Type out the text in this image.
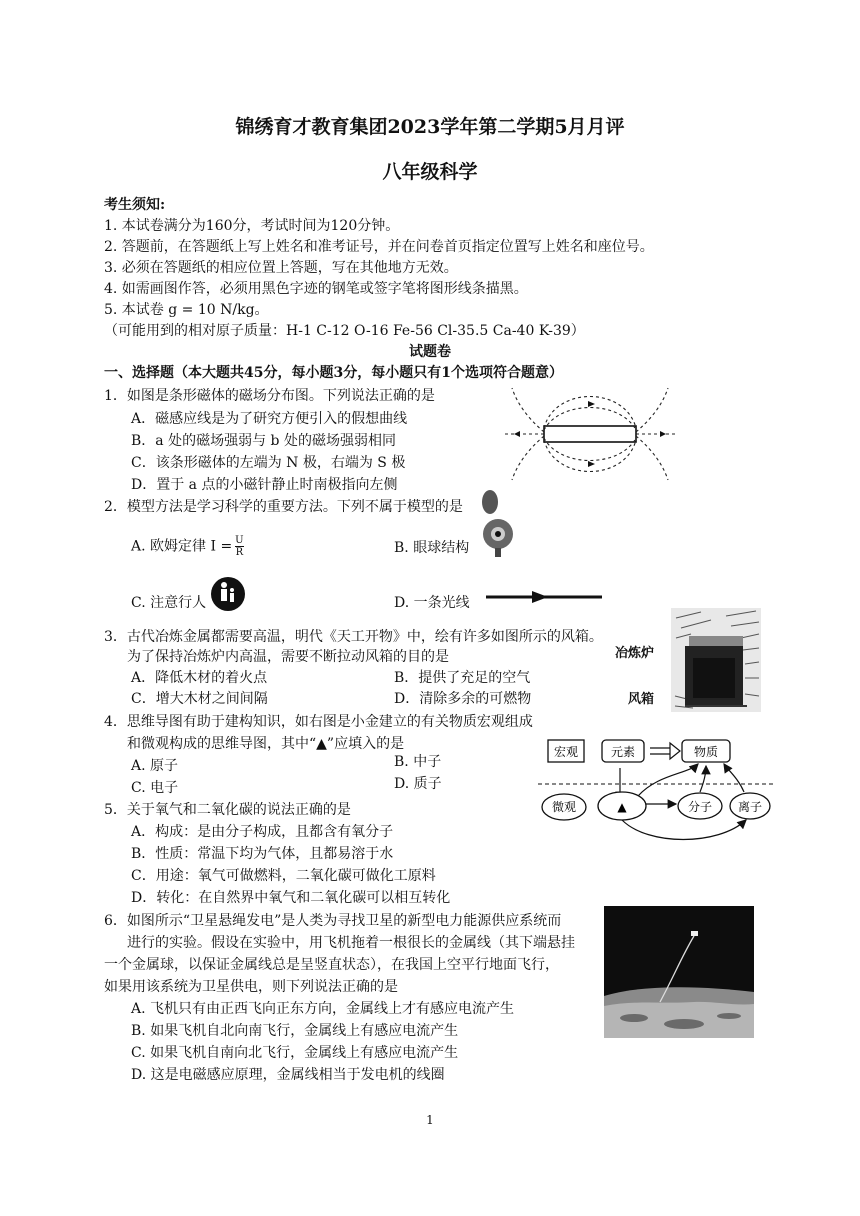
锦绣育才教育集团2023学年第二学期5月月评
八年级科学
考生须知:
1. 本试卷满分为160分，考试时间为120分钟。
2. 答题前，在答题纸上写上姓名和准考证号，并在问卷首页指定位置写上姓名和座位号。
3. 必须在答题纸的相应位置上答题，写在其他地方无效。
4. 如需画图作答，必须用黑色字迹的钢笔或签字笔将图形线条描黑。
5. 本试卷 g = 10 N/kg。
（可能用到的相对原子质量：H-1 C-12 O-16 Fe-56 Cl-35.5 Ca-40 K-39）
试题卷
一、选择题（本大题共45分，每小题3分，每小题只有1个选项符合题意）
1．如图是条形磁体的磁场分布图。下列说法正确的是
A．磁感应线是为了研究方便引入的假想曲线
B．a 处的磁场强弱与 b 处的磁场强弱相同
C．该条形磁体的左端为 N 极，右端为 S 极
D．置于 a 点的小磁针静止时南极指向左侧
2．模型方法是学习科学的重要方法。下列不属于模型的是
A. 欧姆定律 $I = \frac{U}{R}$	B. 眼球结构
C. 注意行人	D. 一条光线
3．古代冶炼金属都需要高温，明代《天工开物》中，绘有许多如图所示的风箱。
为了保持冶炼炉内高温，需要不断拉动风箱的目的是
A．降低木材的着火点	B．提供了充足的空气
C．增大木材之间间隔	D．清除多余的可燃物
冶炼炉
风箱
4．思维导图有助于建构知识，如右图是小金建立的有关物质宏观组成
和微观构成的思维导图，其中“▲”应填入的是
A. 原子	B. 中子
C. 电子	D. 质子
宏观	元素	物质
微观	▲	分子 离子
5．关于氧气和二氧化碳的说法正确的是
A．构成：是由分子构成，且都含有氧分子
B．性质：常温下均为气体，且都易溶于水
C．用途：氧气可做燃料，二氧化碳可做化工原料
D．转化：在自然界中氧气和二氧化碳可以相互转化
6．如图所示“卫星悬绳发电”是人类为寻找卫星的新型电力能源供应系统而
进行的实验。假设在实验中，用飞机拖着一根很长的金属线（其下端悬挂
一个金属球，以保证金属线总是呈竖直状态），在我国上空平行地面飞行，
如果用该系统为卫星供电，则下列说法正确的是
A. 飞机只有由正西飞向正东方向，金属线上才有感应电流产生
B. 如果飞机自北向南飞行，金属线上有感应电流产生
C. 如果飞机自南向北飞行，金属线上有感应电流产生
D. 这是电磁感应原理，金属线相当于发电机的线圈
1
